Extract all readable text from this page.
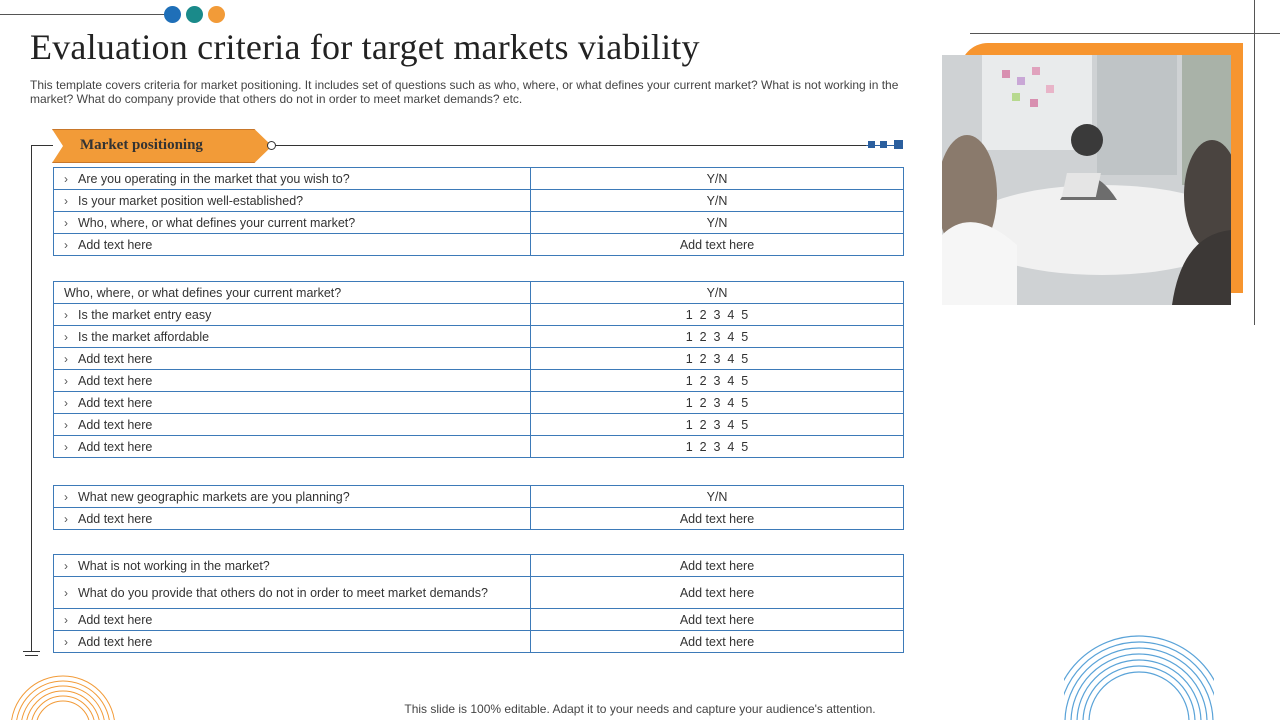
Evaluation criteria for target markets viability
This template covers criteria for market positioning. It includes set of questions such as who, where, or what defines your current market? What is not working in the market? What do company provide that others do not in order to meet market demands? etc.
Market positioning
› Are you operating in the market that you wish to?	Y/N
› Is your market position well-established?	Y/N
› Who, where, or what defines your current market?	Y/N
› Add text here	Add text here
Who, where, or what defines your current market?	Y/N
› Is the market entry easy	1  2  3  4  5
› Is the market affordable	1  2  3  4  5
› Add text here	1  2  3  4  5
› Add text here	1  2  3  4  5
› Add text here	1  2  3  4  5
› Add text here	1  2  3  4  5
› Add text here	1  2  3  4  5
› What new geographic markets are you planning?	Y/N
› Add text here	Add text here
› What is not working in the market?	Add text here
› What do you provide that others do not in order to meet market demands?	Add text here
› Add text here	Add text here
› Add text here	Add text here
This slide is 100% editable. Adapt it to your needs and capture your audience's attention.
